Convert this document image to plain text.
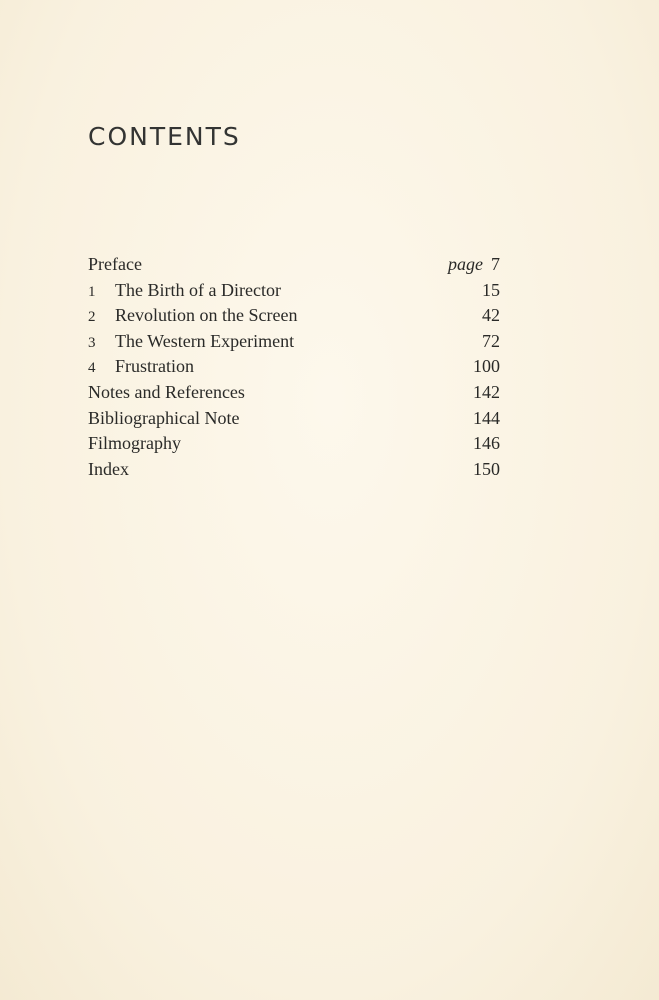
CONTENTS
Preface	page 7
1	The Birth of a Director	15
2	Revolution on the Screen	42
3	The Western Experiment	72
4	Frustration	100
Notes and References	142
Bibliographical Note	144
Filmography	146
Index	150
